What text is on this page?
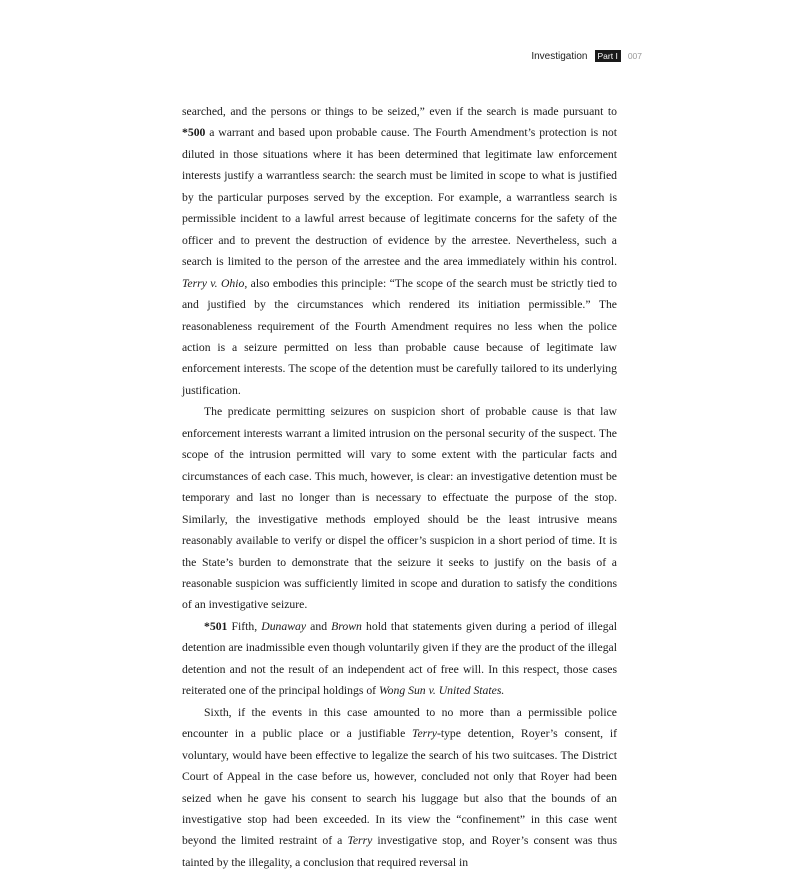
Investigation	Part I	007

searched, and the persons or things to be seized,” even if the search is made pursuant to *500 a warrant and based upon probable cause. The Fourth Amendment’s protection is not diluted in those situations where it has been determined that legitimate law enforcement interests justify a warrantless search: the search must be limited in scope to what is justified by the particular purposes served by the exception. For example, a warrantless search is permissible incident to a lawful arrest because of legitimate concerns for the safety of the officer and to prevent the destruction of evidence by the arrestee. Nevertheless, such a search is limited to the person of the arrestee and the area immediately within his control. Terry v. Ohio, also embodies this principle: “The scope of the search must be strictly tied to and justified by the circumstances which rendered its initiation permissible.” The reasonableness requirement of the Fourth Amendment requires no less when the police action is a seizure permitted on less than probable cause because of legitimate law enforcement interests. The scope of the detention must be carefully tailored to its underlying justification.

The predicate permitting seizures on suspicion short of probable cause is that law enforcement interests warrant a limited intrusion on the personal security of the suspect. The scope of the intrusion permitted will vary to some extent with the particular facts and circumstances of each case. This much, however, is clear: an investigative detention must be temporary and last no longer than is necessary to effectuate the purpose of the stop. Similarly, the investigative methods employed should be the least intrusive means reasonably available to verify or dispel the officer’s suspicion in a short period of time. It is the State’s burden to demonstrate that the seizure it seeks to justify on the basis of a reasonable suspicion was sufficiently limited in scope and duration to satisfy the conditions of an investigative seizure.

*501 Fifth, Dunaway and Brown hold that statements given during a period of illegal detention are inadmissible even though voluntarily given if they are the product of the illegal detention and not the result of an independent act of free will. In this respect, those cases reiterated one of the principal holdings of Wong Sun v. United States.

Sixth, if the events in this case amounted to no more than a permissible police encounter in a public place or a justifiable Terry-type detention, Royer’s consent, if voluntary, would have been effective to legalize the search of his two suitcases. The District Court of Appeal in the case before us, however, concluded not only that Royer had been seized when he gave his consent to search his luggage but also that the bounds of an investigative stop had been exceeded. In its view the “confinement” in this case went beyond the limited restraint of a Terry investigative stop, and Royer’s consent was thus tainted by the illegality, a conclusion that required reversal in
